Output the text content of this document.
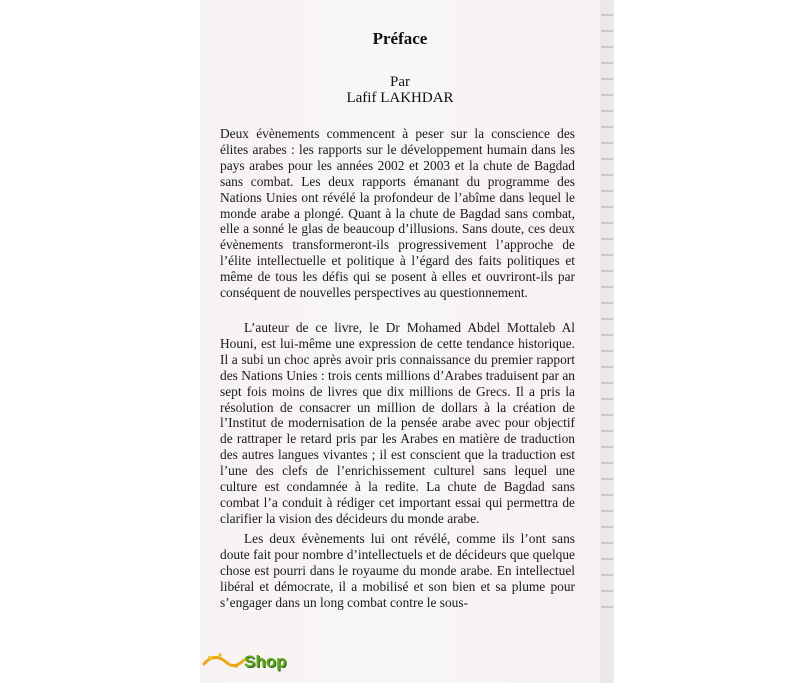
Préface
Par
Lafif LAKHDAR

Deux évènements commencent à peser sur la conscience des élites arabes : les rapports sur le développement humain dans les pays arabes pour les années 2002 et 2003 et la chute de Bagdad sans combat. Les deux rapports émanant du programme des Nations Unies ont révélé la profondeur de l’abîme dans lequel le monde arabe a plongé. Quant à la chute de Bagdad sans combat, elle a sonné le glas de beaucoup d’illusions. Sans doute, ces deux évènements transformeront-ils progressivement l’approche de l’élite intellectuelle et politique à l’égard des faits politiques et même de tous les défis qui se posent à elles et ouvriront-ils par conséquent de nouvelles perspectives au questionnement.

L’auteur de ce livre, le Dr Mohamed Abdel Mottaleb Al Houni, est lui-même une expression de cette tendance historique. Il a subi un choc après avoir pris connaissance du premier rapport des Nations Unies : trois cents millions d’Arabes traduisent par an sept fois moins de livres que dix millions de Grecs. Il a pris la résolution de consacrer un million de dollars à la création de l’Institut de modernisation de la pensée arabe avec pour objectif de rattraper le retard pris par les Arabes en matière de traduction des autres langues vivantes ; il est conscient que la traduction est l’une des clefs de l’enrichissement culturel sans lequel une culture est condamnée à la redite. La chute de Bagdad sans combat l’a conduit à rédiger cet important essai qui permettra de clarifier la vision des décideurs du monde arabe.

Les deux évènements lui ont révélé, comme ils l’ont sans doute fait pour nombre d’intellectuels et de décideurs que quelque chose est pourri dans le royaume du monde arabe. En intellectuel libéral et démocrate, il a mobilisé et son bien et sa plume pour s’engager dans un long combat contre le sous-

Shop
